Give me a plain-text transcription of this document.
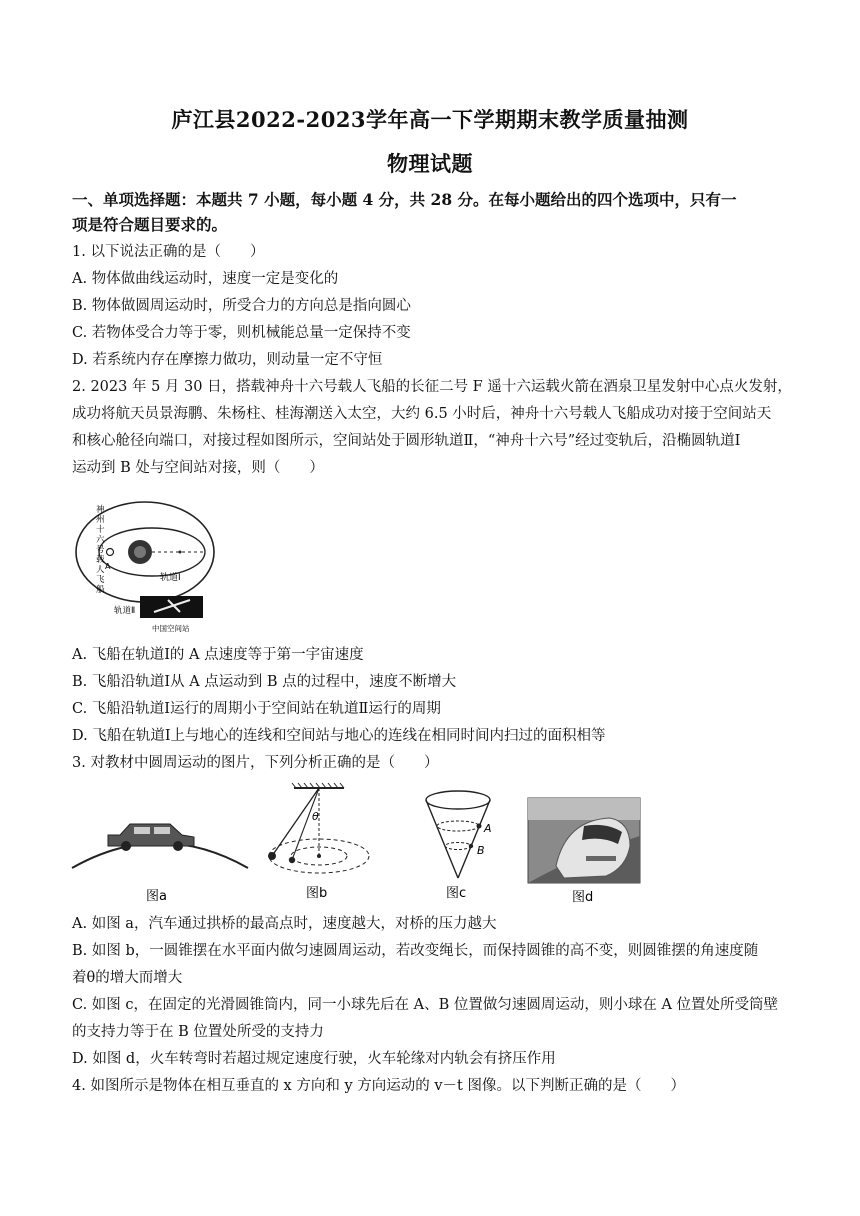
庐江县2022-2023学年高一下学期期末教学质量抽测
物理试题
一、单项选择题：本题共 7 小题，每小题 4 分，共 28 分。在每小题给出的四个选项中，只有一
项是符合题目要求的。
1. 以下说法正确的是（　　）
A. 物体做曲线运动时，速度一定是变化的
B. 物体做圆周运动时，所受合力的方向总是指向圆心
C. 若物体受合力等于零，则机械能总量一定保持不变
D. 若系统内存在摩擦力做功，则动量一定不守恒
2. 2023 年 5 月 30 日，搭载神舟十六号载人飞船的长征二号 F 遥十六运载火箭在酒泉卫星发射中心点火发射，
成功将航天员景海鹏、朱杨柱、桂海潮送入太空，大约 6.5 小时后，神舟十六号载人飞船成功对接于空间站天
和核心舱径向端口，对接过程如图所示，空间站处于圆形轨道Ⅱ，“神舟十六号”经过变轨后，沿椭圆轨道Ⅰ
运动到 B 处与空间站对接，则（　　）
A
神
州
十
六
号
载
人
飞
船
轨道Ⅰ
轨道Ⅱ
中国空间站
A. 飞船在轨道Ⅰ的 A 点速度等于第一宇宙速度
B. 飞船沿轨道Ⅰ从 A 点运动到 B 点的过程中，速度不断增大
C. 飞船沿轨道Ⅰ运行的周期小于空间站在轨道Ⅱ运行的周期
D. 飞船在轨道Ⅰ上与地心的连线和空间站与地心的连线在相同时间内扫过的面积相等
3. 对教材中圆周运动的图片，下列分析正确的是（　　）
图a
θ
图b
A
B
图c	图d
A. 如图 a，汽车通过拱桥的最高点时，速度越大，对桥的压力越大
B. 如图 b，一圆锥摆在水平面内做匀速圆周运动，若改变绳长，而保持圆锥的高不变，则圆锥摆的角速度随
着θ的增大而增大
C. 如图 c，在固定的光滑圆锥筒内，同一小球先后在 A、B 位置做匀速圆周运动，则小球在 A 位置处所受筒壁
的支持力等于在 B 位置处所受的支持力
D. 如图 d，火车转弯时若超过规定速度行驶，火车轮缘对内轨会有挤压作用
4. 如图所示是物体在相互垂直的 x 方向和 y 方向运动的 v－t 图像。以下判断正确的是（　　）
